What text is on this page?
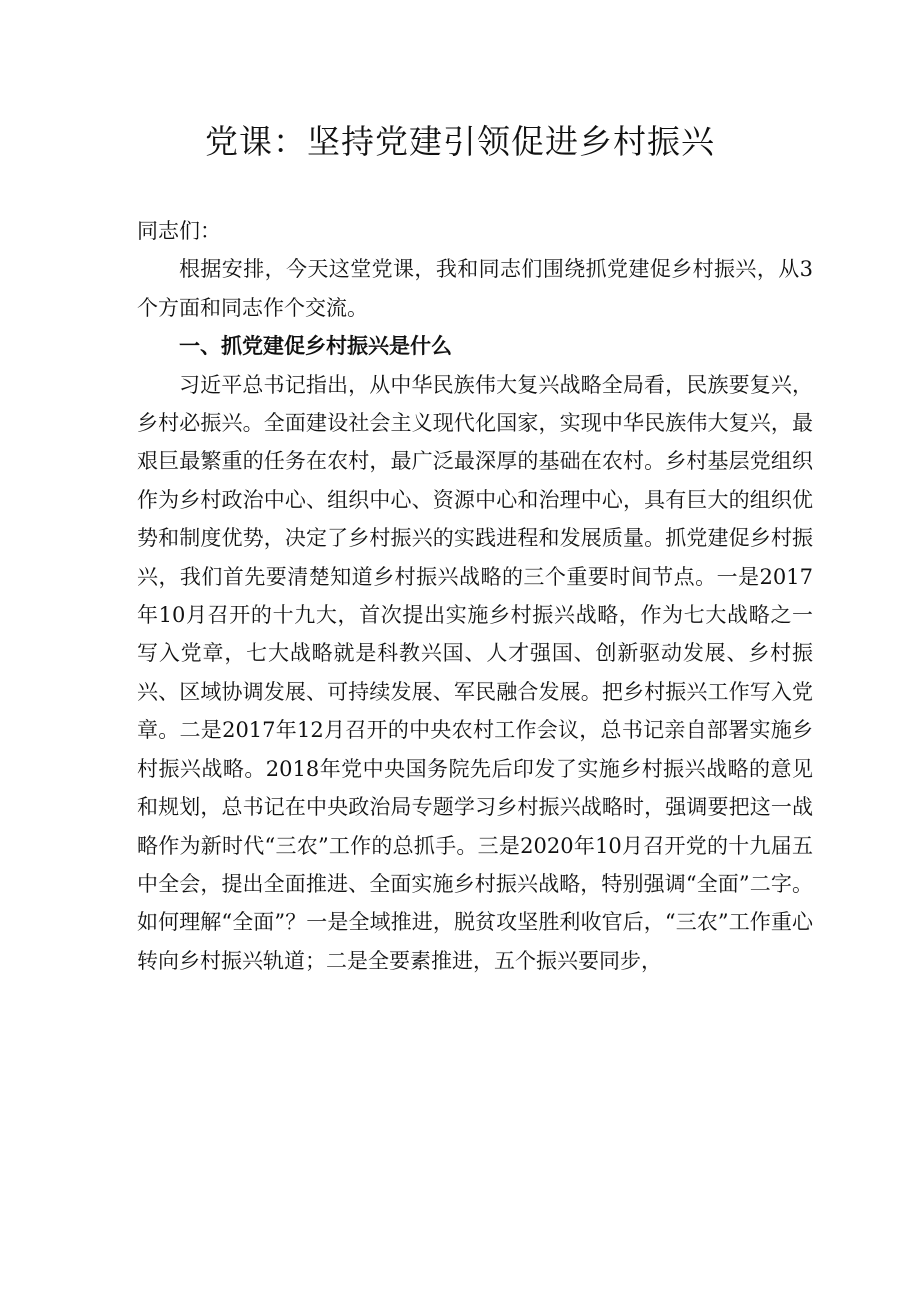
党课：坚持党建引领促进乡村振兴

同志们：

根据安排，今天这堂党课，我和同志们围绕抓党建促乡村振兴，从3个方面和同志作个交流。

一、抓党建促乡村振兴是什么

习近平总书记指出，从中华民族伟大复兴战略全局看，民族要复兴，乡村必振兴。全面建设社会主义现代化国家，实现中华民族伟大复兴，最艰巨最繁重的任务在农村，最广泛最深厚的基础在农村。乡村基层党组织作为乡村政治中心、组织中心、资源中心和治理中心，具有巨大的组织优势和制度优势，决定了乡村振兴的实践进程和发展质量。抓党建促乡村振兴，我们首先要清楚知道乡村振兴战略的三个重要时间节点。一是2017年10月召开的十九大，首次提出实施乡村振兴战略，作为七大战略之一写入党章，七大战略就是科教兴国、人才强国、创新驱动发展、乡村振兴、区域协调发展、可持续发展、军民融合发展。把乡村振兴工作写入党章。二是2017年12月召开的中央农村工作会议，总书记亲自部署实施乡村振兴战略。2018年党中央国务院先后印发了实施乡村振兴战略的意见和规划，总书记在中央政治局专题学习乡村振兴战略时，强调要把这一战略作为新时代“三农”工作的总抓手。三是2020年10月召开党的十九届五中全会，提出全面推进、全面实施乡村振兴战略，特别强调“全面”二字。如何理解“全面”？一是全域推进，脱贫攻坚胜利收官后，“三农”工作重心转向乡村振兴轨道；二是全要素推进，五个振兴要同步，
